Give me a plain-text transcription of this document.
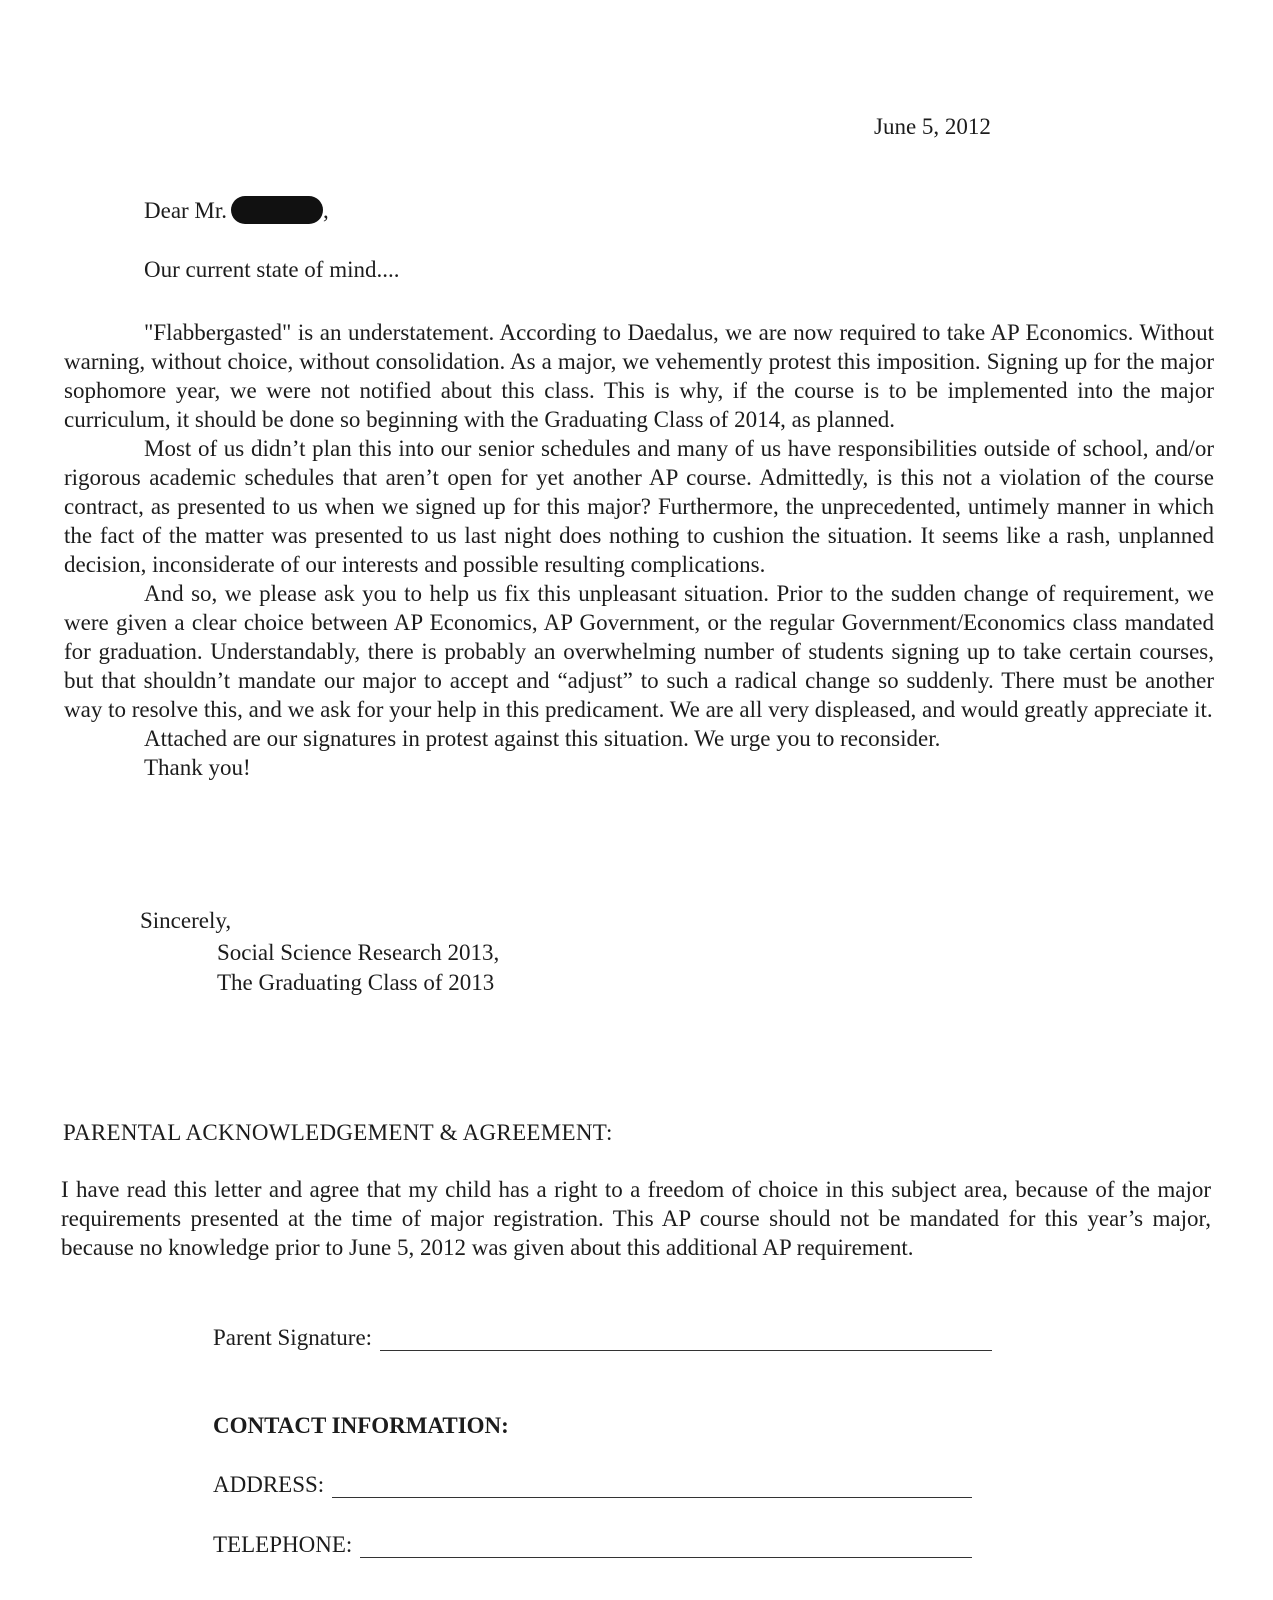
June 5, 2012
Dear Mr.	,
Our current state of mind....

"Flabbergasted" is an understatement. According to Daedalus, we are now required to take AP Economics. Without warning, without choice, without consolidation. As a major, we vehemently protest this imposition. Signing up for the major sophomore year, we were not notified about this class. This is why, if the course is to be implemented into the major curriculum, it should be done so beginning with the Graduating Class of 2014, as planned.

Most of us didn’t plan this into our senior schedules and many of us have responsibilities outside of school, and/or rigorous academic schedules that aren’t open for yet another AP course. Admittedly, is this not a violation of the course contract, as presented to us when we signed up for this major? Furthermore, the unprecedented, untimely manner in which the fact of the matter was presented to us last night does nothing to cushion the situation. It seems like a rash, unplanned decision, inconsiderate of our interests and possible resulting complications.

And so, we please ask you to help us fix this unpleasant situation. Prior to the sudden change of requirement, we were given a clear choice between AP Economics, AP Government, or the regular Government/Economics class mandated for graduation. Understandably, there is probably an overwhelming number of students signing up to take certain courses, but that shouldn’t mandate our major to accept and “adjust” to such a radical change so suddenly. There must be another way to resolve this, and we ask for your help in this predicament. We are all very displeased, and would greatly appreciate it.

Attached are our signatures in protest against this situation. We urge you to reconsider.

Thank you!

Sincerely,
Social Science Research 2013,
The Graduating Class of 2013
PARENTAL ACKNOWLEDGEMENT & AGREEMENT:
I have read this letter and agree that my child has a right to a freedom of choice in this subject area, because of the major requirements presented at the time of major registration. This AP course should not be mandated for this year’s major, because no knowledge prior to June 5, 2012 was given about this additional AP requirement.
Parent Signature:
CONTACT INFORMATION:
ADDRESS:
TELEPHONE:
